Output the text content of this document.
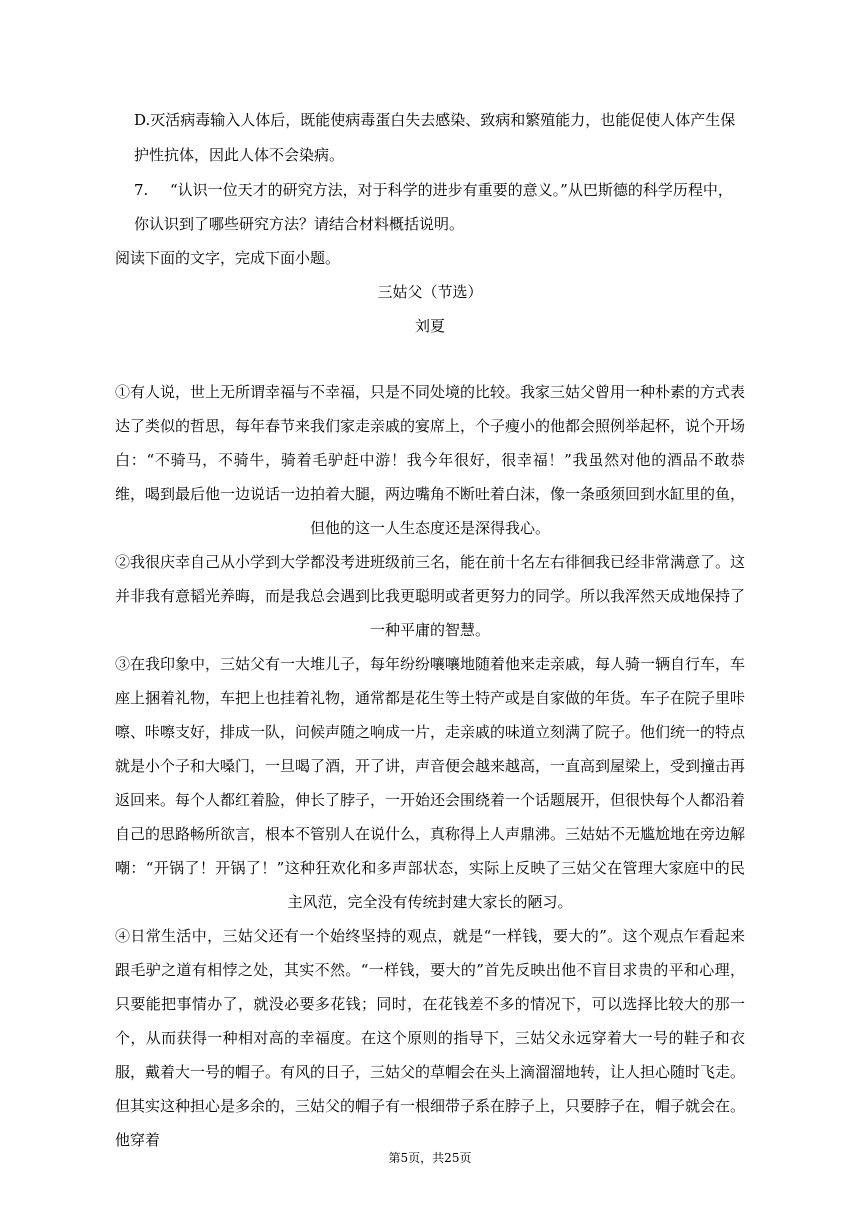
D.灭活病毒输入人体后，既能使病毒蛋白失去感染、致病和繁殖能力，也能促使人体产生保
护性抗体，因此人体不会染病。
7. “认识一位天才的研究方法，对于科学的进步有重要的意义。”从巴斯德的科学历程中，
你认识到了哪些研究方法？请结合材料概括说明。
阅读下面的文字，完成下面小题。
三姑父（节选）
刘夏

①有人说，世上无所谓幸福与不幸福，只是不同处境的比较。我家三姑父曾用一种朴素的方式表达了类似的哲思，每年春节来我们家走亲戚的宴席上，个子瘦小的他都会照例举起杯，说个开场白：“不骑马，不骑牛，骑着毛驴赶中游！我今年很好，很幸福！”我虽然对他的酒品不敢恭维，喝到最后他一边说话一边拍着大腿，两边嘴角不断吐着白沫，像一条亟须回到水缸里的鱼，但他的这一人生态度还是深得我心。

②我很庆幸自己从小学到大学都没考进班级前三名，能在前十名左右徘徊我已经非常满意了。这并非我有意韬光养晦，而是我总会遇到比我更聪明或者更努力的同学。所以我浑然天成地保持了一种平庸的智慧。

③在我印象中，三姑父有一大堆儿子，每年纷纷嚷嚷地随着他来走亲戚，每人骑一辆自行车，车座上捆着礼物，车把上也挂着礼物，通常都是花生等土特产或是自家做的年货。车子在院子里咔嚓、咔嚓支好，排成一队，问候声随之响成一片，走亲戚的味道立刻满了院子。他们统一的特点就是小个子和大嗓门，一旦喝了酒，开了讲，声音便会越来越高，一直高到屋梁上，受到撞击再返回来。每个人都红着脸，伸长了脖子，一开始还会围绕着一个话题展开，但很快每个人都沿着自己的思路畅所欲言，根本不管别人在说什么，真称得上人声鼎沸。三姑姑不无尴尬地在旁边解嘲：“开锅了！开锅了！”这种狂欢化和多声部状态，实际上反映了三姑父在管理大家庭中的民主风范，完全没有传统封建大家长的陋习。

④日常生活中，三姑父还有一个始终坚持的观点，就是“一样钱，要大的”。这个观点乍看起来跟毛驴之道有相悖之处，其实不然。“一样钱，要大的”首先反映出他不盲目求贵的平和心理，只要能把事情办了，就没必要多花钱；同时，在花钱差不多的情况下，可以选择比较大的那一个，从而获得一种相对高的幸福度。在这个原则的指导下，三姑父永远穿着大一号的鞋子和衣服，戴着大一号的帽子。有风的日子，三姑父的草帽会在头上滴溜溜地转，让人担心随时飞走。但其实这种担心是多余的，三姑父的帽子有一根细带子系在脖子上，只要脖子在，帽子就会在。他穿着

第5页，共25页
